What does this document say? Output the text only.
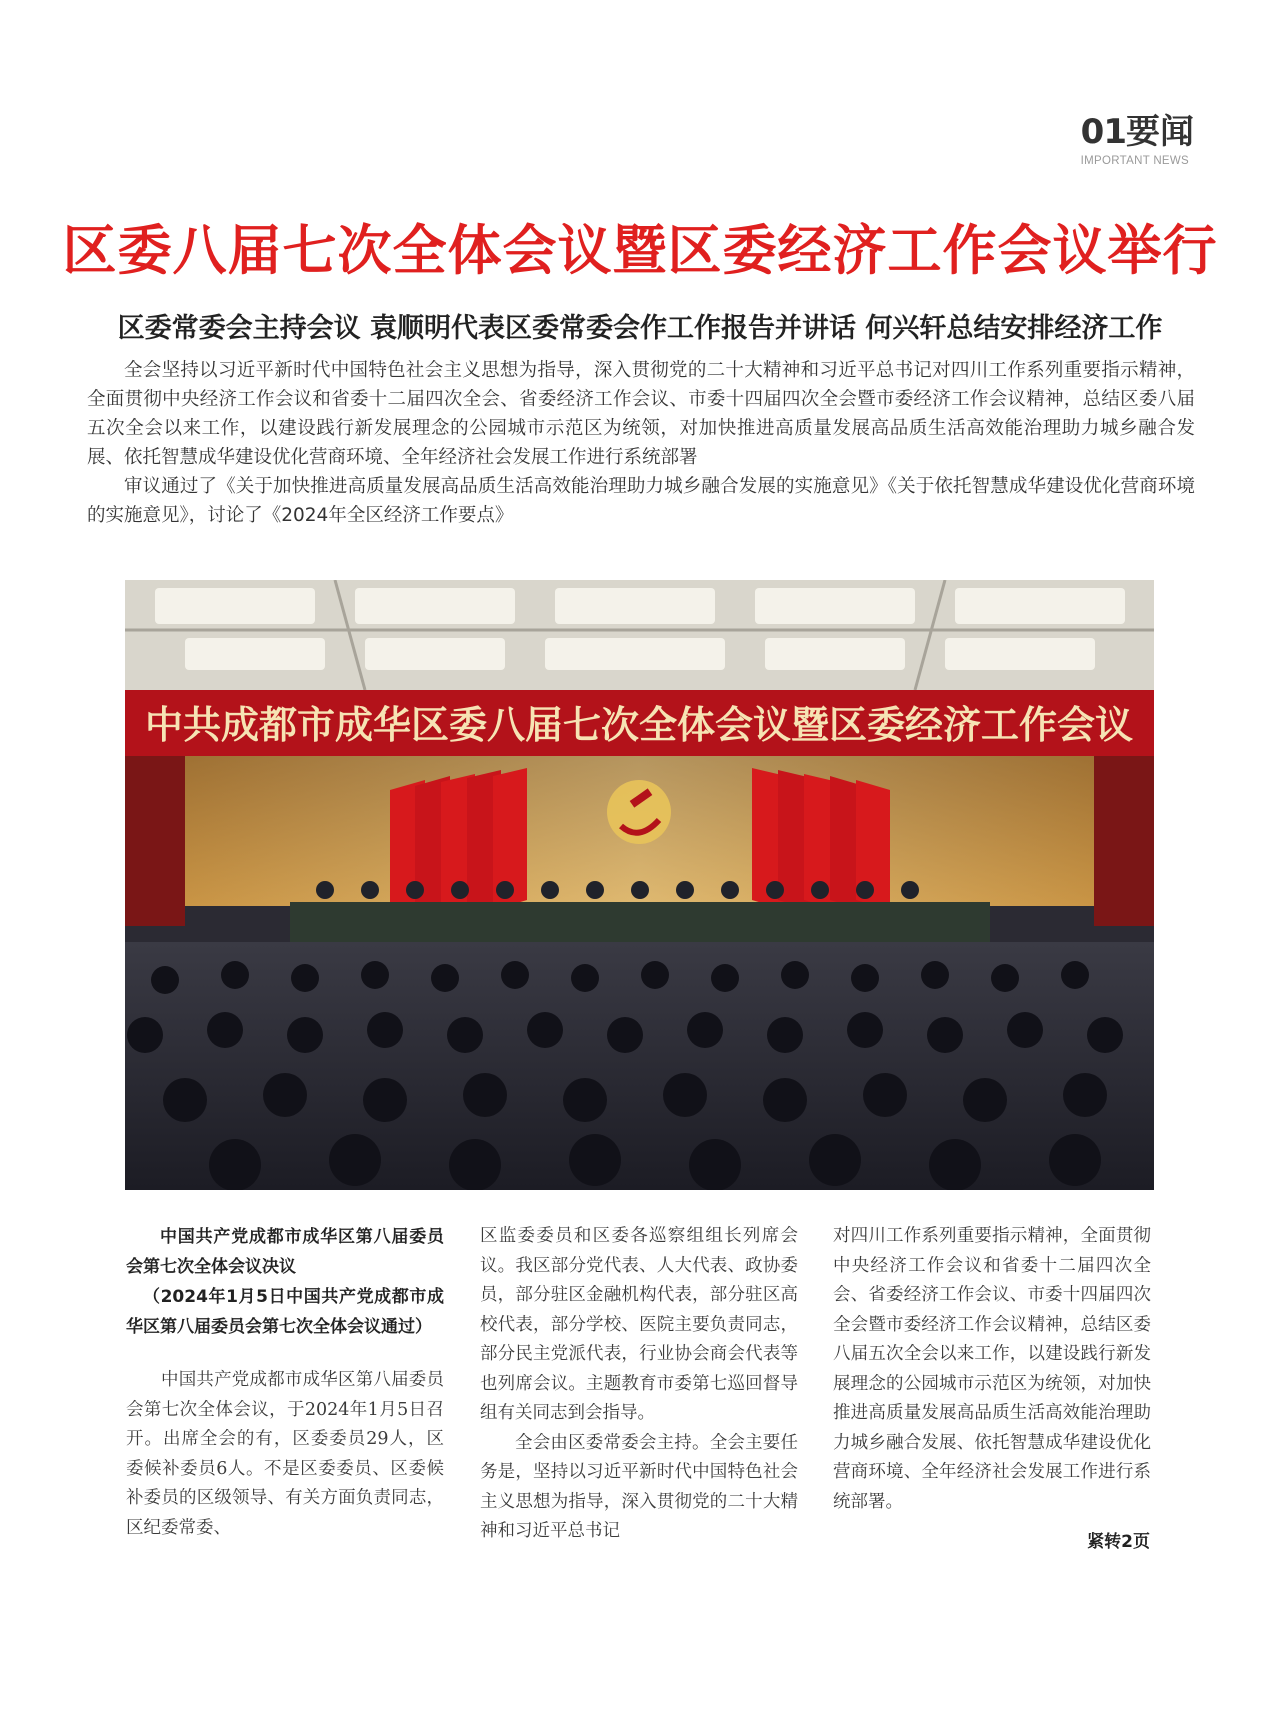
01要闻
IMPORTANT NEWS
区委八届七次全体会议暨区委经济工作会议举行
区委常委会主持会议 袁顺明代表区委常委会作工作报告并讲话 何兴轩总结安排经济工作

全会坚持以习近平新时代中国特色社会主义思想为指导，深入贯彻党的二十大精神和习近平总书记对四川工作系列重要指示精神，全面贯彻中央经济工作会议和省委十二届四次全会、省委经济工作会议、市委十四届四次全会暨市委经济工作会议精神，总结区委八届五次全会以来工作，以建设践行新发展理念的公园城市示范区为统领，对加快推进高质量发展高品质生活高效能治理助力城乡融合发展、依托智慧成华建设优化营商环境、全年经济社会发展工作进行系统部署

审议通过了《关于加快推进高质量发展高品质生活高效能治理助力城乡融合发展的实施意见》《关于依托智慧成华建设优化营商环境的实施意见》，讨论了《2024年全区经济工作要点》

中共成都市成华区委八届七次全体会议暨区委经济工作会议
中国共产党成都市成华区第八届委员会第七次全体会议决议
（2024年1月5日中国共产党成都市成华区第八届委员会第七次全体会议通过）

中国共产党成都市成华区第八届委员会第七次全体会议，于2024年1月5日召开。出席全会的有，区委委员29人，区委候补委员6人。不是区委委员、区委候补委员的区级领导、有关方面负责同志，区纪委常委、

区监委委员和区委各巡察组组长列席会议。我区部分党代表、人大代表、政协委员，部分驻区金融机构代表，部分驻区高校代表，部分学校、医院主要负责同志，部分民主党派代表，行业协会商会代表等也列席会议。主题教育市委第七巡回督导组有关同志到会指导。

全会由区委常委会主持。全会主要任务是，坚持以习近平新时代中国特色社会主义思想为指导，深入贯彻党的二十大精神和习近平总书记

对四川工作系列重要指示精神，全面贯彻中央经济工作会议和省委十二届四次全会、省委经济工作会议、市委十四届四次全会暨市委经济工作会议精神，总结区委八届五次全会以来工作，以建设践行新发展理念的公园城市示范区为统领，对加快推进高质量发展高品质生活高效能治理助力城乡融合发展、依托智慧成华建设优化营商环境、全年经济社会发展工作进行系统部署。

紧转2页
